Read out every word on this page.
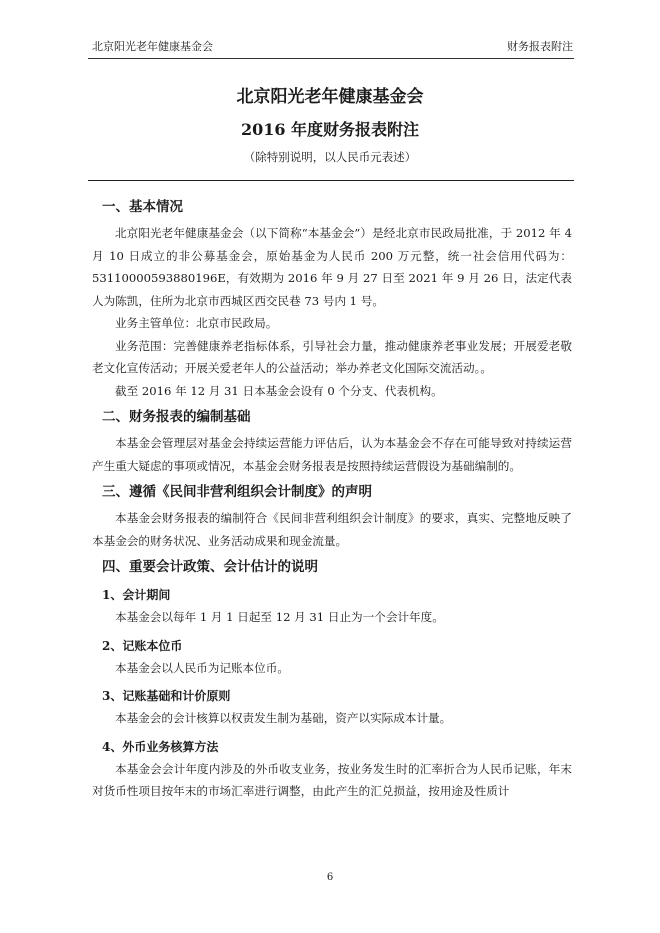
北京阳光老年健康基金会	财务报表附注
北京阳光老年健康基金会
2016 年度财务报表附注
（除特别说明，以人民币元表述）
一、基本情况

北京阳光老年健康基金会（以下简称“本基金会”）是经北京市民政局批准，于 2012 年 4 月 10 日成立的非公募基金会，原始基金为人民币 200 万元整，统一社会信用代码为：53110000593880196E，有效期为 2016 年 9 月 27 日至 2021 年 9 月 26 日，法定代表人为陈凯，住所为北京市西城区西交民巷 73 号内 1 号。

业务主管单位：北京市民政局。

业务范围：完善健康养老指标体系，引导社会力量，推动健康养老事业发展；开展爱老敬老文化宣传活动；开展关爱老年人的公益活动；举办养老文化国际交流活动。。

截至 2016 年 12 月 31 日本基金会设有 0 个分支、代表机构。

二、财务报表的编制基础

本基金会管理层对基金会持续运营能力评估后，认为本基金会不存在可能导致对持续运营产生重大疑虑的事项或情况，本基金会财务报表是按照持续运营假设为基础编制的。

三、遵循《民间非营利组织会计制度》的声明

本基金会财务报表的编制符合《民间非营利组织会计制度》的要求，真实、完整地反映了本基金会的财务状况、业务活动成果和现金流量。

四、重要会计政策、会计估计的说明
1、会计期间

本基金会以每年 1 月 1 日起至 12 月 31 日止为一个会计年度。

2、记账本位币

本基金会以人民币为记账本位币。

3、记账基础和计价原则

本基金会的会计核算以权责发生制为基础，资产以实际成本计量。

4、外币业务核算方法

本基金会会计年度内涉及的外币收支业务，按业务发生时的汇率折合为人民币记账，年末对货币性项目按年末的市场汇率进行调整，由此产生的汇兑损益，按用途及性质计

6
